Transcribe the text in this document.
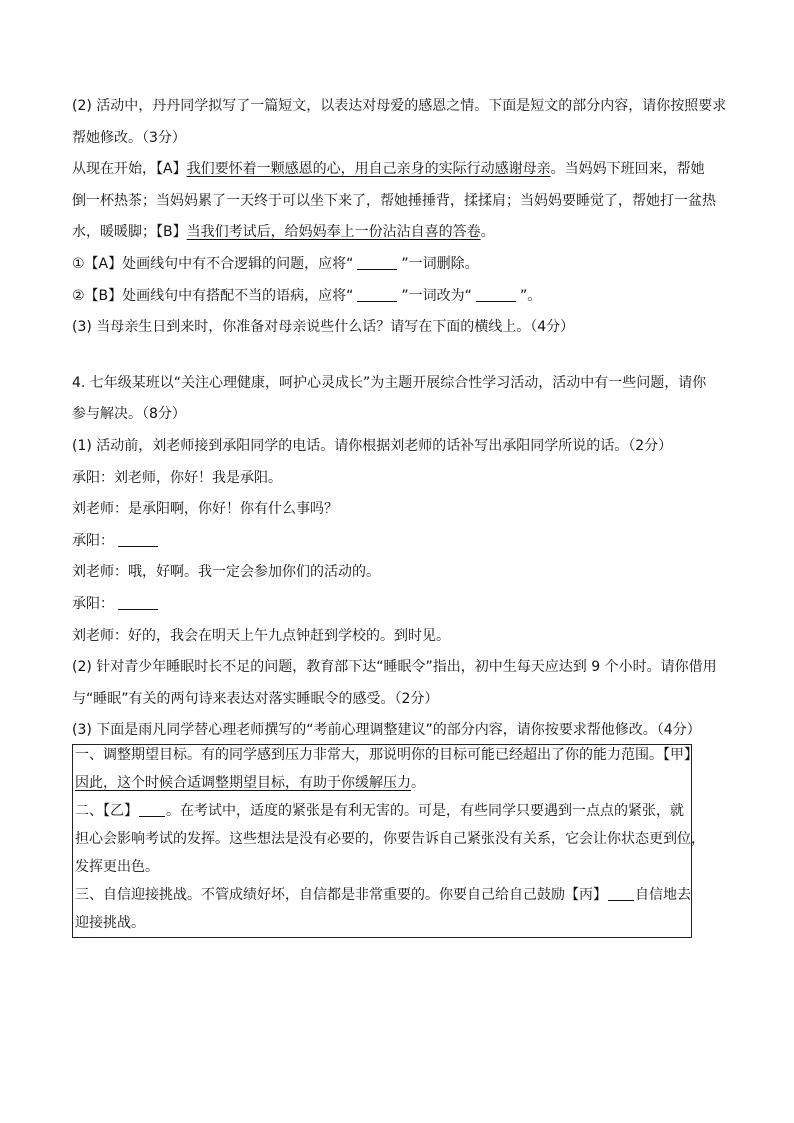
(2) 活动中，丹丹同学拟写了一篇短文，以表达对母爱的感恩之情。下面是短文的部分内容，请你按照要求
帮她修改。（3分）
从现在开始，【A】我们要怀着一颗感恩的心，用自己亲身的实际行动感谢母亲。当妈妈下班回来，帮她
倒一杯热茶；当妈妈累了一天终于可以坐下来了，帮她捶捶背，揉揉肩；当妈妈要睡觉了，帮她打一盆热
水，暖暖脚；【B】当我们考试后，给妈妈奉上一份沾沾自喜的答卷。
①【A】处画线句中有不合逻辑的问题，应将“	”一词删除。
②【B】处画线句中有搭配不当的语病，应将“	”一词改为“	”。
(3) 当母亲生日到来时，你准备对母亲说些什么话？请写在下面的横线上。（4分）
4. 七年级某班以“关注心理健康，呵护心灵成长”为主题开展综合性学习活动，活动中有一些问题，请你
参与解决。（8分）
(1) 活动前，刘老师接到承阳同学的电话。请你根据刘老师的话补写出承阳同学所说的话。（2分）
承阳：刘老师，你好！我是承阳。
刘老师：是承阳啊，你好！你有什么事吗？
承阳：
刘老师：哦，好啊。我一定会参加你们的活动的。
承阳：
刘老师：好的，我会在明天上午九点钟赶到学校的。到时见。
(2) 针对青少年睡眠时长不足的问题，教育部下达“睡眠令”指出，初中生每天应达到 9 个小时。请你借用
与“睡眠”有关的两句诗来表达对落实睡眠令的感受。（2分）
(3) 下面是雨凡同学替心理老师撰写的“考前心理调整建议”的部分内容，请你按要求帮他修改。（4分）
一、调整期望目标。有的同学感到压力非常大，那说明你的目标可能已经超出了你的能力范围。【甲】
因此，这个时候合适调整期望目标，有助于你缓解压力。
二、【乙】 。在考试中，适度的紧张是有利无害的。可是，有些同学只要遇到一点点的紧张，就
担心会影响考试的发挥。这些想法是没有必要的，你要告诉自己紧张没有关系，它会让你状态更到位，
发挥更出色。
三、自信迎接挑战。不管成绩好坏，自信都是非常重要的。你要自己给自己鼓励【丙】 自信地去
迎接挑战。
